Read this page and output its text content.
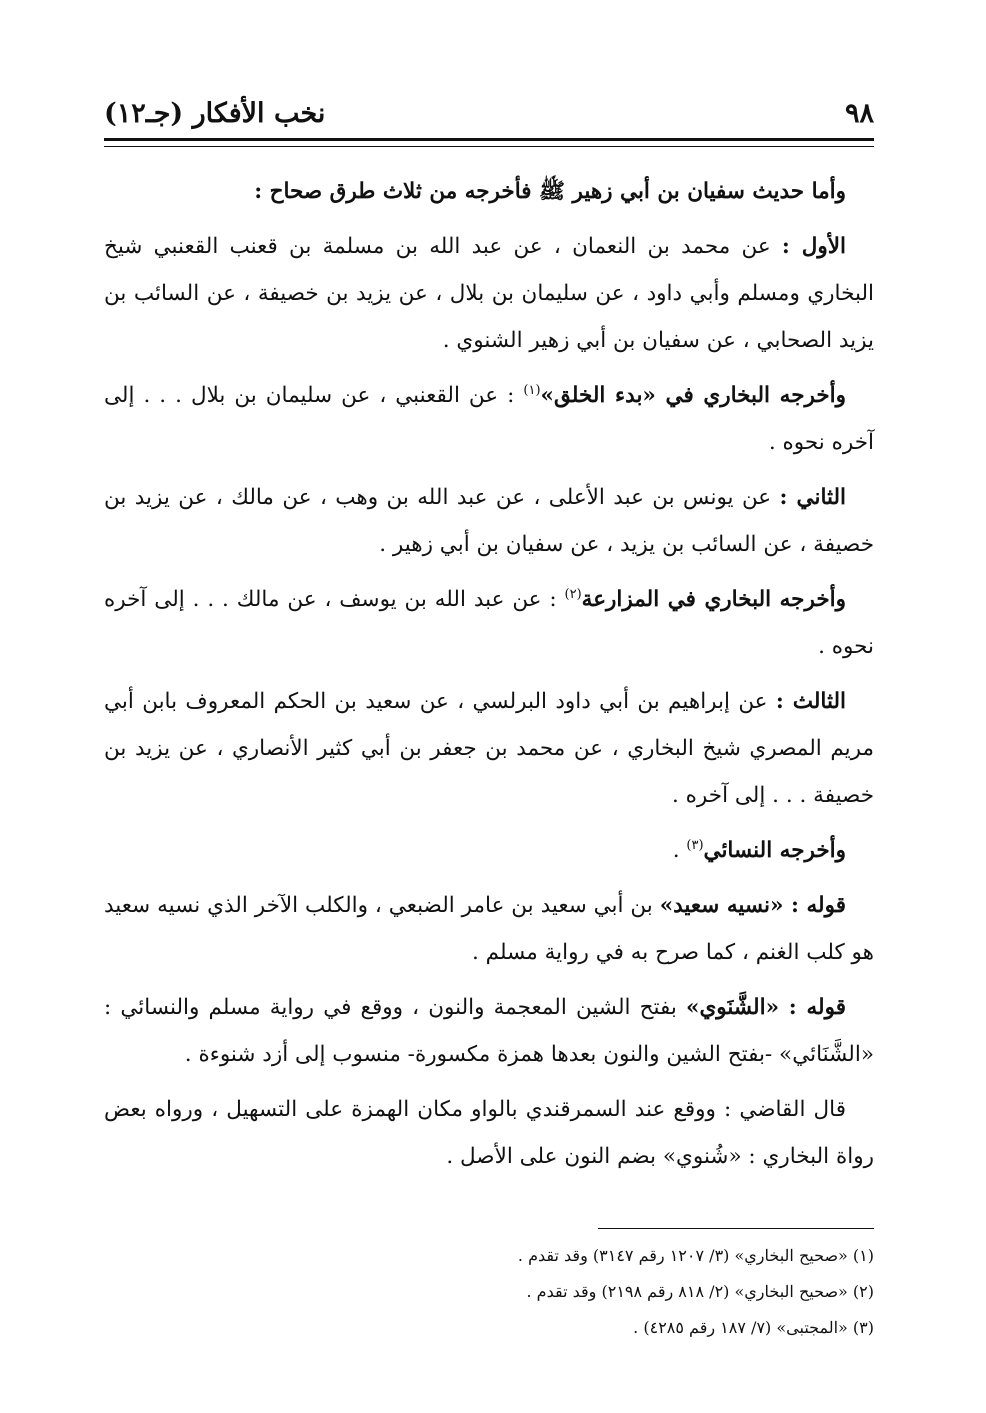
٩٨
نخب الأفكار (جـ١٢)

وأما حديث سفيان بن أبي زهير ﷺ فأخرجه من ثلاث طرق صحاح :

الأول : عن محمد بن النعمان ، عن عبد الله بن مسلمة بن قعنب القعنبي شيخ البخاري ومسلم وأبي داود ، عن سليمان بن بلال ، عن يزيد بن خصيفة ، عن السائب بن يزيد الصحابي ، عن سفيان بن أبي زهير الشنوي .

وأخرجه البخاري في «بدء الخلق»$^{(١)}$ : عن القعنبي ، عن سليمان بن بلال . . . إلى آخره نحوه .

الثاني : عن يونس بن عبد الأعلى ، عن عبد الله بن وهب ، عن مالك ، عن يزيد بن خصيفة ، عن السائب بن يزيد ، عن سفيان بن أبي زهير .

وأخرجه البخاري في المزارعة$^{(٢)}$ : عن عبد الله بن يوسف ، عن مالك . . . إلى آخره نحوه .

الثالث : عن إبراهيم بن أبي داود البرلسي ، عن سعيد بن الحكم المعروف بابن أبي مريم المصري شيخ البخاري ، عن محمد بن جعفر بن أبي كثير الأنصاري ، عن يزيد بن خصيفة . . . إلى آخره .

وأخرجه النسائي$^{(٣)}$ .

قوله : «نسيه سعيد» بن أبي سعيد بن عامر الضبعي ، والكلب الآخر الذي نسيه سعيد هو كلب الغنم ، كما صرح به في رواية مسلم .

قوله : «الشَّنَوي» بفتح الشين المعجمة والنون ، ووقع في رواية مسلم والنسائي : «الشَّنَائي» -بفتح الشين والنون بعدها همزة مكسورة- منسوب إلى أزد شنوءة .

قال القاضي : ووقع عند السمرقندي بالواو مكان الهمزة على التسهيل ، ورواه بعض رواة البخاري : «شُنوي» بضم النون على الأصل .

(١) «صحيح البخاري» (٣/ ١٢٠٧ رقم ٣١٤٧) وقد تقدم .
(٢) «صحيح البخاري» (٢/ ٨١٨ رقم ٢١٩٨) وقد تقدم .
(٣) «المجتبى» (٧/ ١٨٧ رقم ٤٢٨٥) .
